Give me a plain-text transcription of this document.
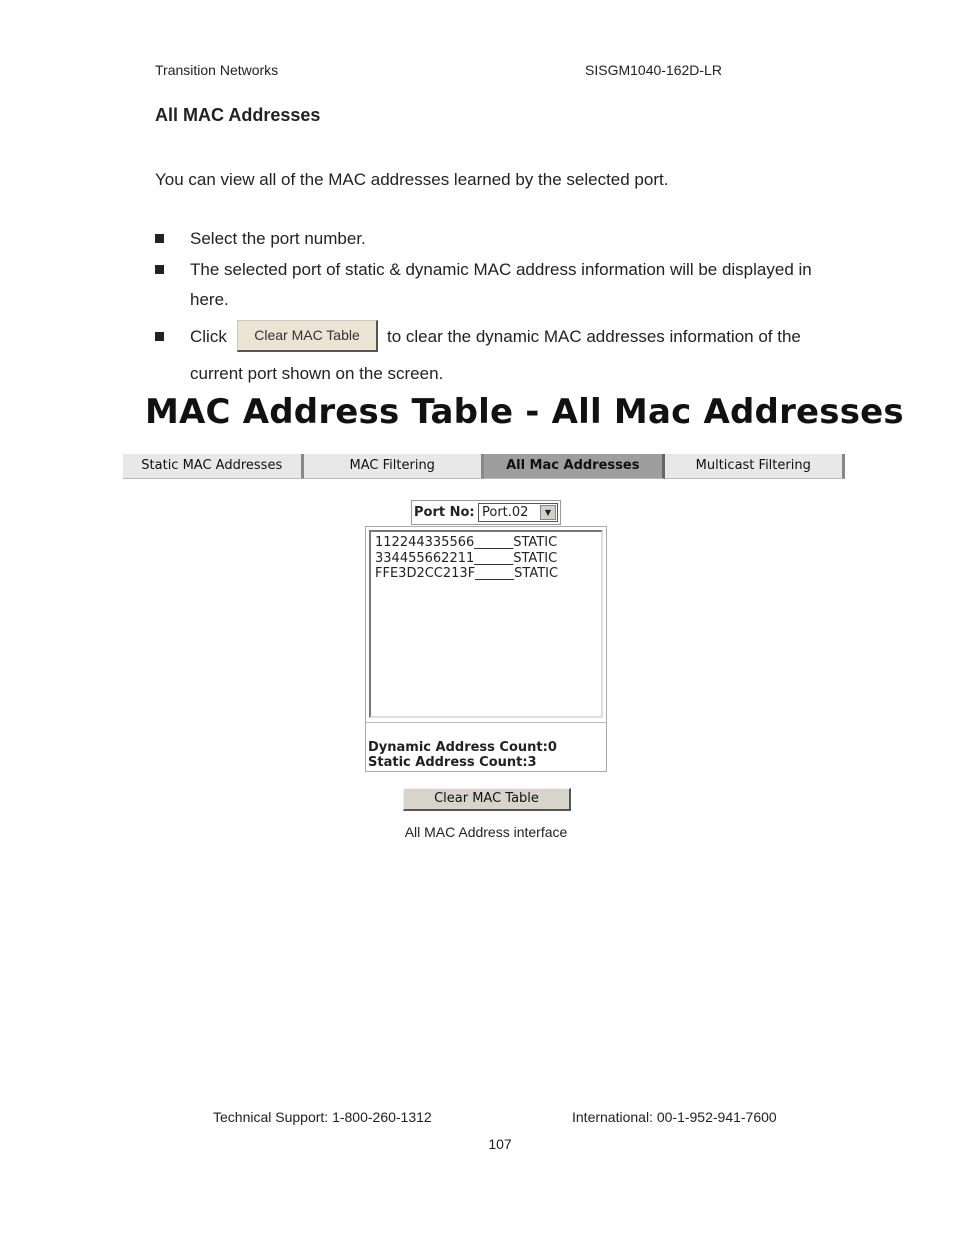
Transition Networks	SISGM1040-162D-LR
All MAC Addresses
You can view all of the MAC addresses learned by the selected port.
Select the port number.
The selected port of static & dynamic MAC address information will be displayed in here.
Click	to clear the dynamic MAC addresses information of the
current port shown on the screen.
Clear MAC Table
MAC Address Table - All Mac Addresses
Static MAC Addresses	MAC Filtering	All Mac Addresses	Multicast Filtering
Port No: Port.02	▼
112244335566______STATIC
334455662211______STATIC
FFE3D2CC213F______STATIC
Dynamic Address Count:0
Static Address Count:3
Clear MAC Table
All MAC Address interface
Technical Support: 1-800-260-1312	International: 00-1-952-941-7600
107
